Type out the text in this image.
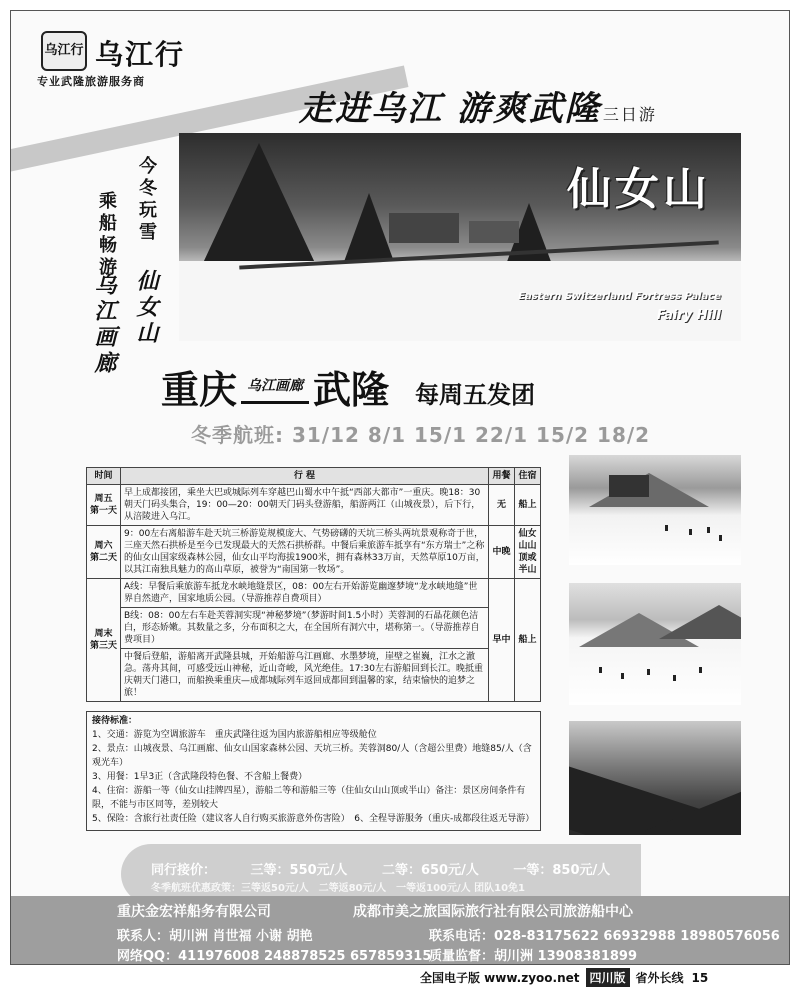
乌江行 乌江行
专业武隆旅游服务商
走进乌江 游爽武隆 三日游
仙女山
Eastern Switzerland Fortress Palace
Fairy Hill
今冬玩雪
仙女山
乘船畅游
乌江画廊
重庆 乌江画廊 武隆 每周五发团
冬季航班: 31/12 8/1 15/1 22/1 15/2 18/2
时间	行 程	用餐	住宿

周五
第一天	早上成都接团，乘坐大巴或城际列车穿越巴山蜀水中午抵“西部大都市”一重庆。晚18：30朝天门码头集合，19：00—20：00朝天门码头登游船，船游两江（山城夜景），后下行，从涪陵进入乌江。	无	船上

周六
第二天	9：00左右离船游车赴天坑三桥游览规模庞大、气势磅礴的天坑三桥头两坑景观称奇于世，三座天然石拱桥是至今已发现最大的天然石拱桥群。中餐后乘旅游车抵享有“东方瑞士”之称的仙女山国家级森林公园，仙女山平均海拔1900米，拥有森林33万亩，天然草原10万亩，以其江南独具魅力的高山草原，被誉为“南国第一牧场”。	中晚	仙女山山顶或半山

周末
第三天	A线：早餐后乘旅游车抵龙水峡地缝景区，08：00左右开始游览幽邃梦境“龙水峡地缝”世界自然遗产，国家地质公园。（导游推荐自费项目）	早中	船上
	B线：08：00左右车赴芙蓉洞实现“神秘梦境”（梦游时间1.5小时）芙蓉洞的石晶花颜色洁白，形态娇嫩。其数量之多，分布面积之大，在全国所有洞穴中，堪称第一。（导游推荐自费项目）		
	中餐后登船，游船离开武隆县城，开始船游乌江画廊、水墨梦境，崖壁之崔巍，江水之澈急。荡舟其间，可感受远山神秘，近山奇峻，风光绝佳。17:30左右游船回到长江。晚抵重庆朝天门港口，而船换乘重庆—成都城际列车返回成都回到温馨的家，结束愉快的追梦之旅！		
接待标准：
1、交通：游览为空调旅游车　重庆武隆往返为国内旅游船相应等级舱位
2、景点：山城夜景、乌江画廊、仙女山国家森林公园、天坑三桥。芙蓉洞80/人（含超公里费）地缝85/人（含观光车）
3、用餐：1早3正（含武隆段特色餐、不含船上餐费）
4、住宿：游船一等（仙女山挂牌四星），游船二等和游船三等（住仙女山山顶或半山）备注：景区房间条件有限，不能与市区同等，差别较大
5、保险：含旅行社责任险（建议客人自行购买旅游意外伤害险）　6、全程导游服务（重庆-成都段往返无导游）
同行接价：	三等：550元/人	二等：650元/人	一等：850元/人
冬季航班优惠政策：三等返50元/人　二等返80元/人　一等返100元/人 团队10免1
重庆金宏祥船务有限公司	成都市美之旅国际旅行社有限公司旅游船中心
联系人：胡川洲 肖世福 小谢 胡艳	联系电话：028-83175622 66932988 18980576056
网络QQ：411976008 248878525 657859315
质量监督：胡川洲 13908381899
全国电子版 www.zyoo.net 四川版 省外长线 15
